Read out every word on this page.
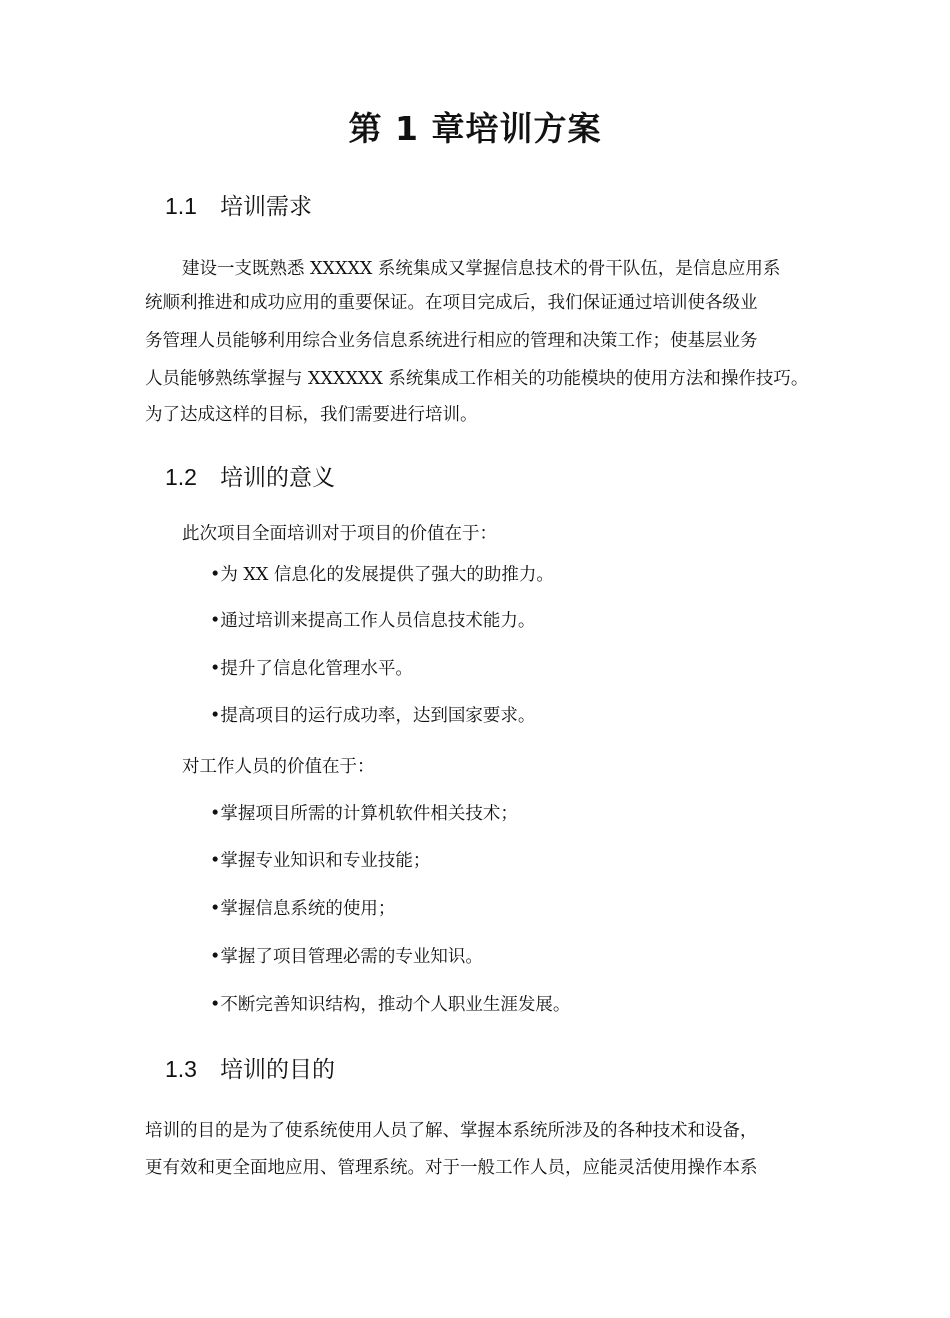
第 1 章培训方案
1.1 培训需求

建设一支既熟悉 XXXXX 系统集成又掌握信息技术的骨干队伍，是信息应用系

统顺利推进和成功应用的重要保证。在项目完成后，我们保证通过培训使各级业

务管理人员能够利用综合业务信息系统进行相应的管理和决策工作；使基层业务

人员能够熟练掌握与 XXXXXX 系统集成工作相关的功能模块的使用方法和操作技巧。

为了达成这样的目标，我们需要进行培训。

1.2 培训的意义

此次项目全面培训对于项目的价值在于：

•为 XX 信息化的发展提供了强大的助推力。

•通过培训来提高工作人员信息技术能力。

•提升了信息化管理水平。

•提高项目的运行成功率，达到国家要求。

对工作人员的价值在于：

•掌握项目所需的计算机软件相关技术；

•掌握专业知识和专业技能；

•掌握信息系统的使用；

•掌握了项目管理必需的专业知识。

•不断完善知识结构，推动个人职业生涯发展。

1.3 培训的目的

培训的目的是为了使系统使用人员了解、掌握本系统所涉及的各种技术和设备，

更有效和更全面地应用、管理系统。对于一般工作人员，应能灵活使用操作本系
